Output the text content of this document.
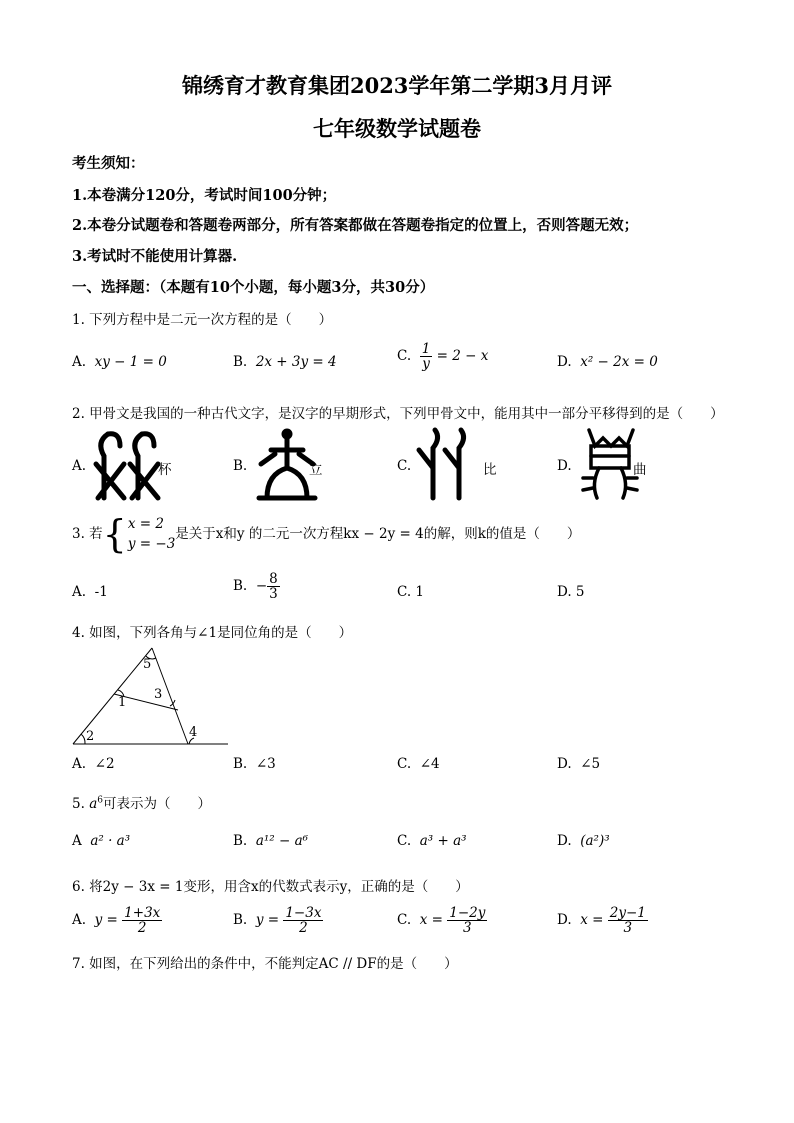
锦绣育才教育集团2023学年第二学期3月月评
七年级数学试题卷
考生须知：
1.本卷满分120分，考试时间100分钟；
2.本卷分试题卷和答题卷两部分，所有答案都做在答题卷指定的位置上，否则答题无效；
3.考试时不能使用计算器.
一、选择题：（本题有10个小题，每小题3分，共30分）
1. 下列方程中是二元一次方程的是（　　）
A. xy − 1 = 0	B. 2x + 3y = 4	C. $\frac{1}{y} = 2 - x$	D. x² − 2x = 0
2. 甲骨文是我国的一种古代文字，是汉字的早期形式，下列甲骨文中，能用其中一部分平移得到的是（　　）
A.	杯	B.	立	C.	比	D.	曲
3. 若 { x = 2
y = −3
是关于x和y 的二元一次方程kx − 2y = 4的解，则k的值是（　　）
A. -1	B. − $\frac{8}{3}$	C. 1	D. 5
4. 如图，下列各角与∠1是同位角的是（　　）
5
1
3
2	4
A. ∠2	B. ∠3	C. ∠4	D. ∠5
5. $a^6$可表示为（　　）
A a² · a³	B. a¹² − a⁶	C. a³ + a³	D. (a²)³
6. 将2y − 3x = 1变形，用含x的代数式表示y，正确的是（　　）
A. $y = \frac{1+3x}{2}$	B. $y = \frac{1-3x}{2}$	C. $x = \frac{1-2y}{3}$	D. $x = \frac{2y-1}{3}$
7. 如图，在下列给出的条件中，不能判定AC // DF的是（　　）
